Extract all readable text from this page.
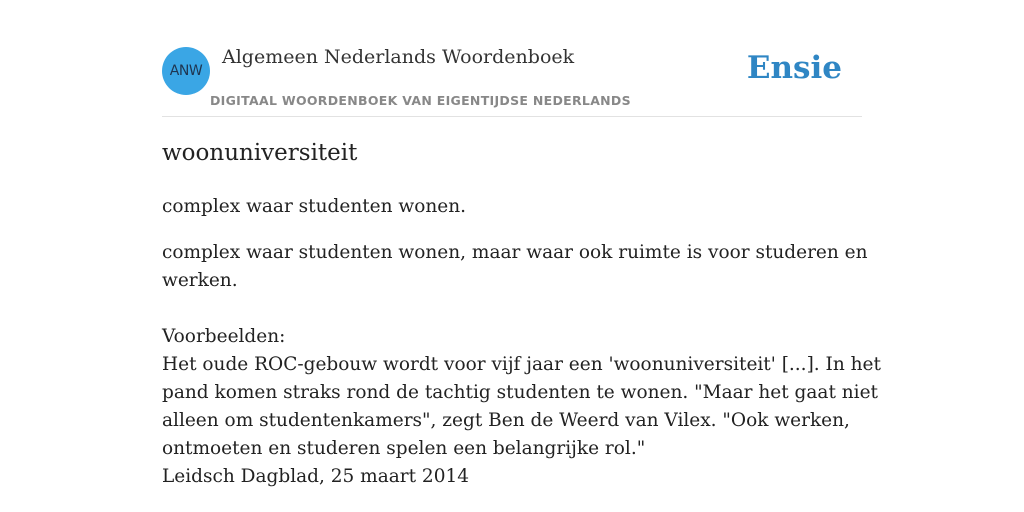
ANW
Algemeen Nederlands Woordenboek
DIGITAAL WOORDENBOEK VAN EIGENTIJDSE NEDERLANDS
Ensie
woonuniversiteit
complex waar studenten wonen.
complex waar studenten wonen, maar waar ook ruimte is voor studeren en
werken.
Voorbeelden:
Het oude ROC-gebouw wordt voor vijf jaar een 'woonuniversiteit' [...]. In het
pand komen straks rond de tachtig studenten te wonen. "Maar het gaat niet
alleen om studentenkamers", zegt Ben de Weerd van Vilex. "Ook werken,
ontmoeten en studeren spelen een belangrijke rol."
Leidsch Dagblad, 25 maart 2014
